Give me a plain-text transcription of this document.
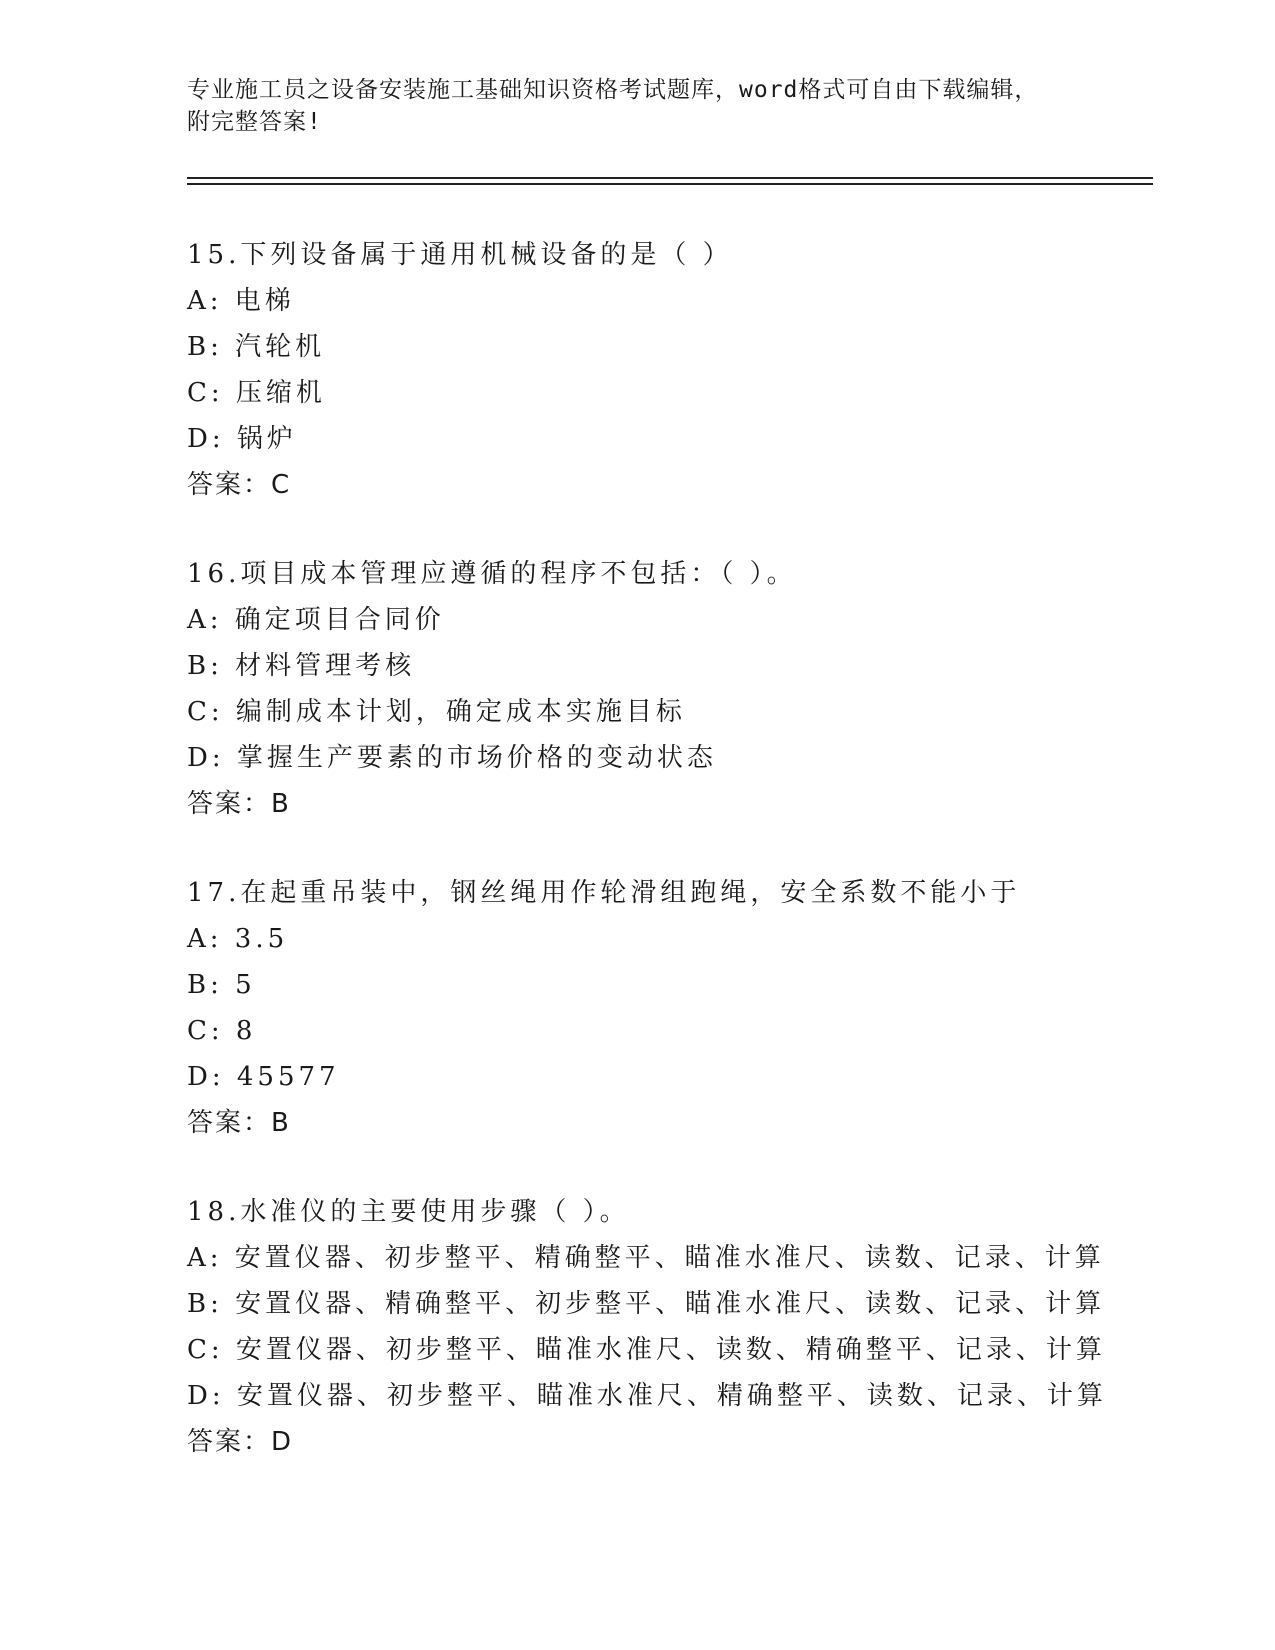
专业施工员之设备安装施工基础知识资格考试题库，word格式可自由下载编辑，
附完整答案!
15.下列设备属于通用机械设备的是（ ）
A: 电梯
B: 汽轮机
C: 压缩机
D: 锅炉
答案：C
16.项目成本管理应遵循的程序不包括：（ ）。
A: 确定项目合同价
B: 材料管理考核
C: 编制成本计划，确定成本实施目标
D: 掌握生产要素的市场价格的变动状态
答案：B
17.在起重吊装中，钢丝绳用作轮滑组跑绳，安全系数不能小于
A: 3.5
B: 5
C: 8
D: 45577
答案：B
18.水准仪的主要使用步骤（ ）。
A: 安置仪器、初步整平、精确整平、瞄准水准尺、读数、记录、计算
B: 安置仪器、精确整平、初步整平、瞄准水准尺、读数、记录、计算
C: 安置仪器、初步整平、瞄准水准尺、读数、精确整平、记录、计算
D: 安置仪器、初步整平、瞄准水准尺、精确整平、读数、记录、计算
答案：D
